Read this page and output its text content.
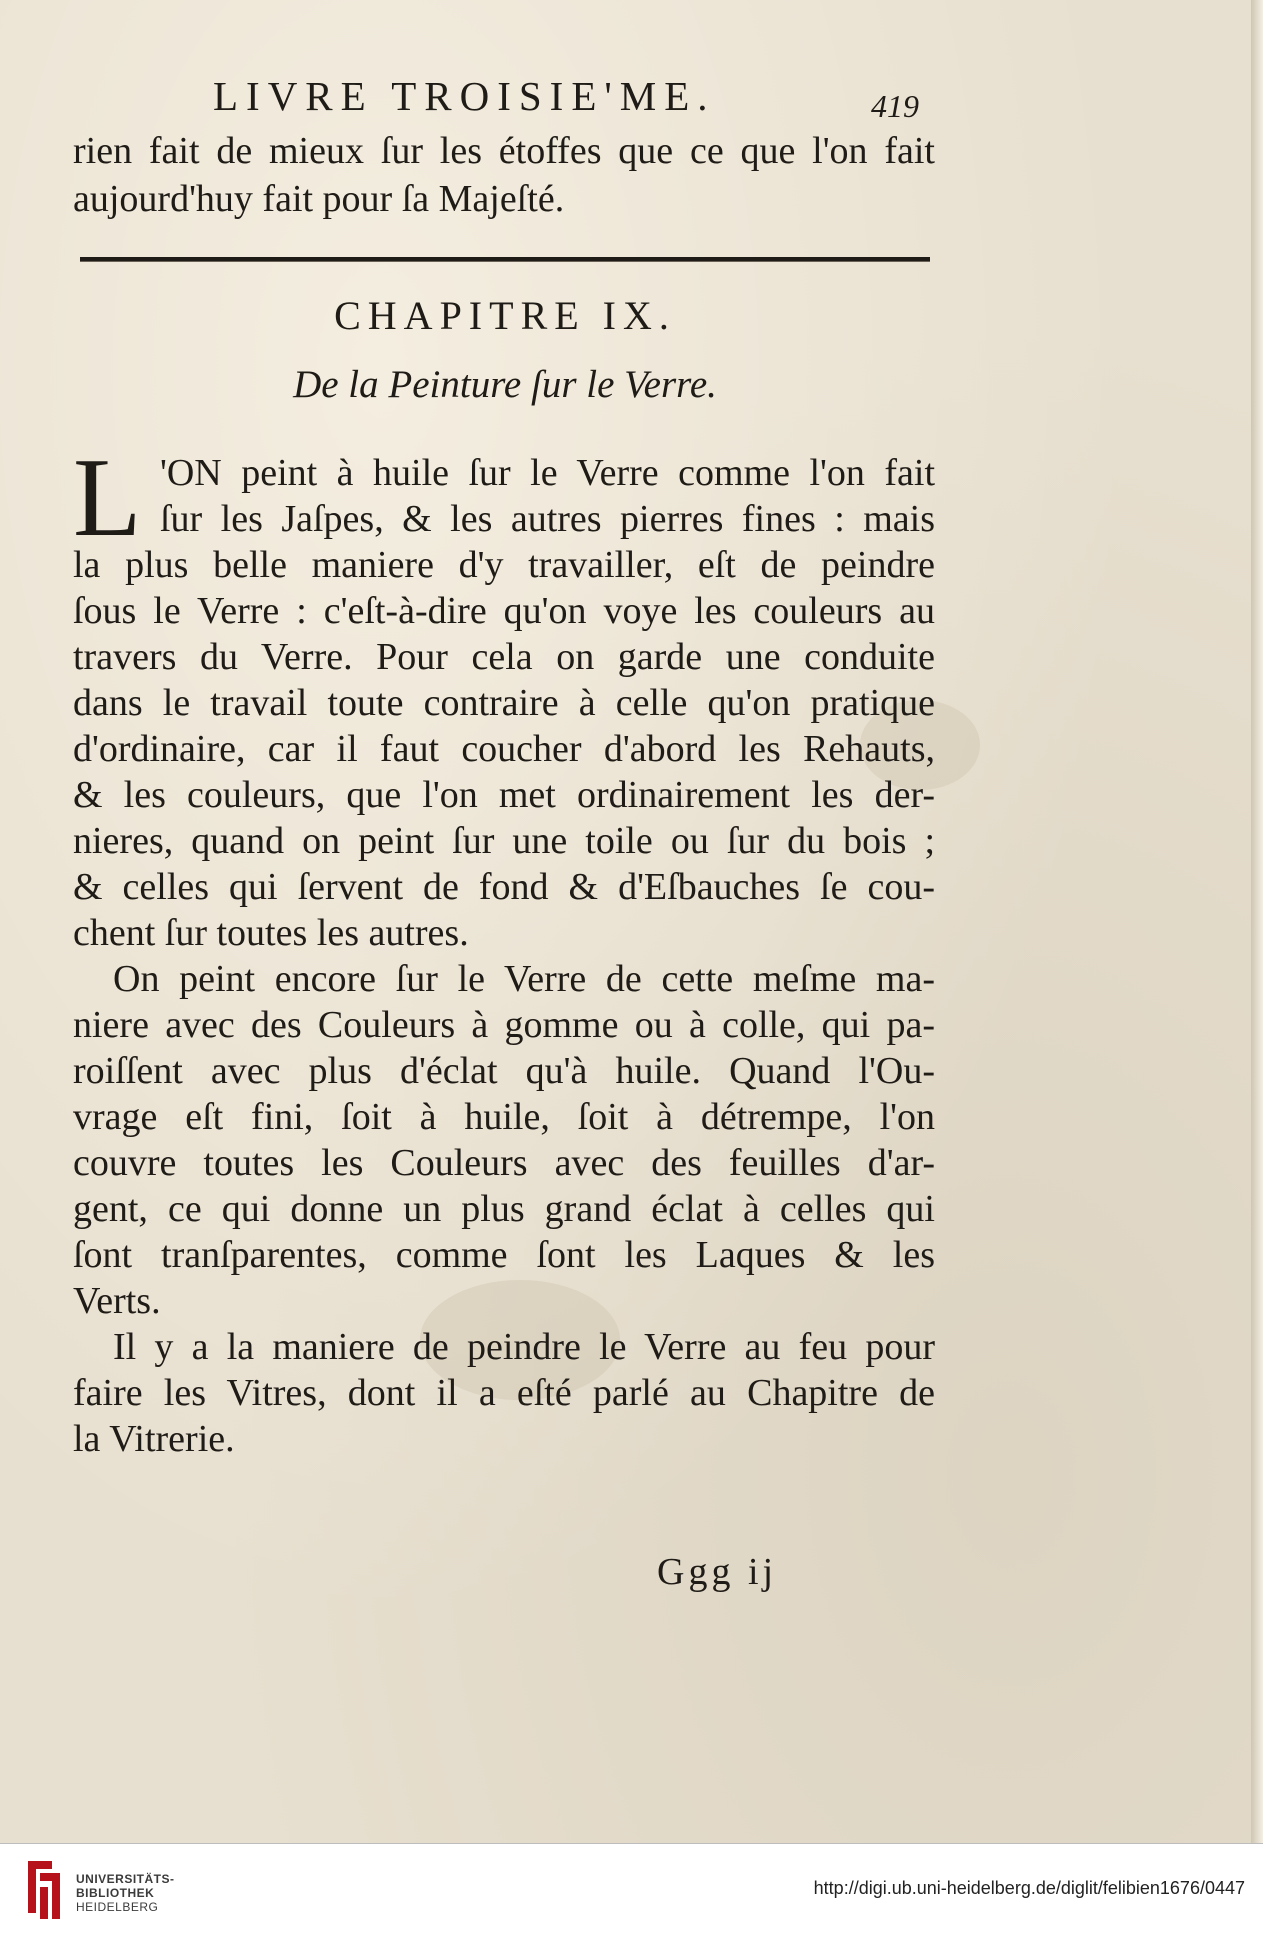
LIVRE TROISIE'ME.	419
rien fait de mieux ſur les étoffes que ce que l'on fait
aujourd'huy fait pour ſa Majeſté.
CHAPITRE IX.
De la Peinture ſur le Verre.
L 'ON peint à huile ſur le Verre comme l'on fait
ſur les Jaſpes, & les autres pierres fines : mais
la plus belle maniere d'y travailler, eſt de peindre
ſous le Verre : c'eſt-à-dire qu'on voye les couleurs au
travers du Verre. Pour cela on garde une conduite
dans le travail toute contraire à celle qu'on pratique
d'ordinaire, car il faut coucher d'abord les Rehauts,
& les couleurs, que l'on met ordinairement les der-
nieres, quand on peint ſur une toile ou ſur du bois ;
& celles qui ſervent de fond & d'Eſbauches ſe cou-
chent ſur toutes les autres.
On peint encore ſur le Verre de cette meſme ma-
niere avec des Couleurs à gomme ou à colle, qui pa-
roiſſent avec plus d'éclat qu'à huile. Quand l'Ou-
vrage eſt fini, ſoit à huile, ſoit à détrempe, l'on
couvre toutes les Couleurs avec des feuilles d'ar-
gent, ce qui donne un plus grand éclat à celles qui
ſont tranſparentes, comme ſont les Laques & les
Verts.
Il y a la maniere de peindre le Verre au feu pour
faire les Vitres, dont il a eſté parlé au Chapitre de
la Vitrerie.
Ggg ij
UNIVERSITÄTS-
BIBLIOTHEK
HEIDELBERG
http://digi.ub.uni-heidelberg.de/diglit/felibien1676/0447
